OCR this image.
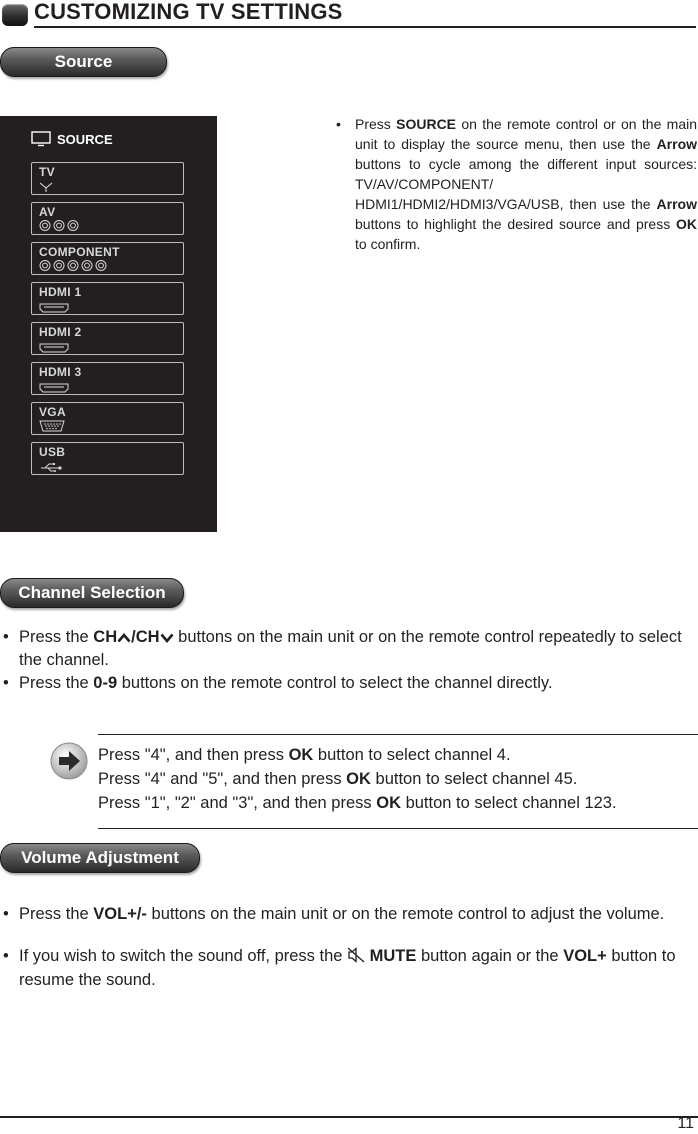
CUSTOMIZING TV SETTINGS
Source
SOURCE
TV
AV
COMPONENT
HDMI 1
HDMI 2
HDMI 3
VGA
USB
• Press SOURCE on the remote control or on the main unit to display the source menu, then use the Arrow buttons to cycle among the different input sources: TV/AV/COMPONENT/ HDMI1/HDMI2/HDMI3/VGA/USB, then use the Arrow buttons to highlight the desired source and press OK to confirm.
Channel Selection
• Press the CH /CH buttons on the main unit or on the remote control repeatedly to select the channel.
• Press the 0-9 buttons on the remote control to select the channel directly.
Press "4", and then press OK button to select channel 4.
Press "4" and "5", and then press OK button to select channel 45.
Press "1", "2" and "3", and then press OK button to select channel 123.
Volume Adjustment
• Press the VOL+/- buttons on the main unit or on the remote control to adjust the volume.
• If you wish to switch the sound off, press the MUTE button again or the VOL+ button to resume the sound.
11
